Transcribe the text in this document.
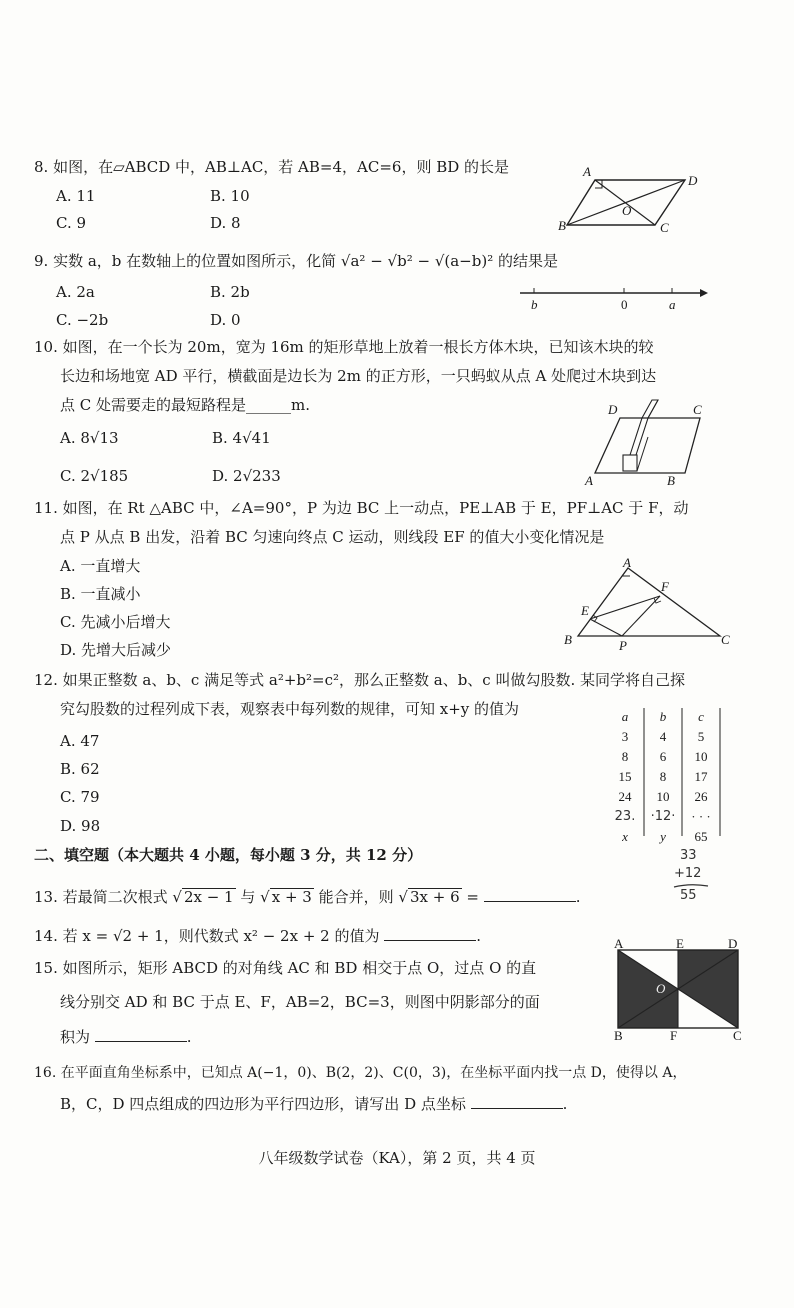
8. 如图，在▱ABCD 中，AB⊥AC，若 AB=4，AC=6，则 BD 的长是
A. 11	B. 10
C. 9	D. 8
A
D
O
B	C
9. 实数 a，b 在数轴上的位置如图所示，化简 √a² − √b² − √(a−b)² 的结果是
A. 2a	B. 2b
C. −2b	D. 0
b	0	a
10. 如图，在一个长为 20m，宽为 16m 的矩形草地上放着一根长方体木块，已知该木块的较
长边和场地宽 AD 平行，横截面是边长为 2m 的正方形，一只蚂蚁从点 A 处爬过木块到达
点 C 处需要走的最短路程是______m.
A. 8√13	B. 4√41
C. 2√185	D. 2√233
D	C
A	B
11. 如图，在 Rt △ABC 中，∠A=90°，P 为边 BC 上一动点，PE⊥AB 于 E，PF⊥AC 于 F，动
点 P 从点 B 出发，沿着 BC 匀速向终点 C 运动，则线段 EF 的值大小变化情况是
A. 一直增大
B. 一直减小
C. 先减小后增大
D. 先增大后减少
A
F
E
B	P	C
12. 如果正整数 a、b、c 满足等式 a²+b²=c²，那么正整数 a、b、c 叫做勾股数. 某同学将自己探
究勾股数的过程列成下表，观察表中每列数的规律，可知 x+y 的值为
A. 47
B. 62
C. 79
D. 98
a	b	c
3	4	5
8	6	10
15	8	17
24	10	26
23.	·12·	· · ·
x	y	65
33
+12
55
二、填空题（本大题共 4 小题，每小题 3 分，共 12 分）
13. 若最简二次根式 √ 2x − 1 与 √ x + 3 能合并，则 √ 3x + 6 =	.
14. 若 x = √2 + 1，则代数式 x² − 2x + 2 的值为	.
15. 如图所示，矩形 ABCD 的对角线 AC 和 BD 相交于点 O，过点 O 的直
线分别交 AD 和 BC 于点 E、F，AB=2，BC=3，则图中阴影部分的面
积为	.
A	E	D
O
B	F	C
16. 在平面直角坐标系中，已知点 A(−1，0)、B(2，2)、C(0，3)，在坐标平面内找一点 D，使得以 A，
B，C，D 四点组成的四边形为平行四边形，请写出 D 点坐标	.
八年级数学试卷（KA），第 2 页，共 4 页
